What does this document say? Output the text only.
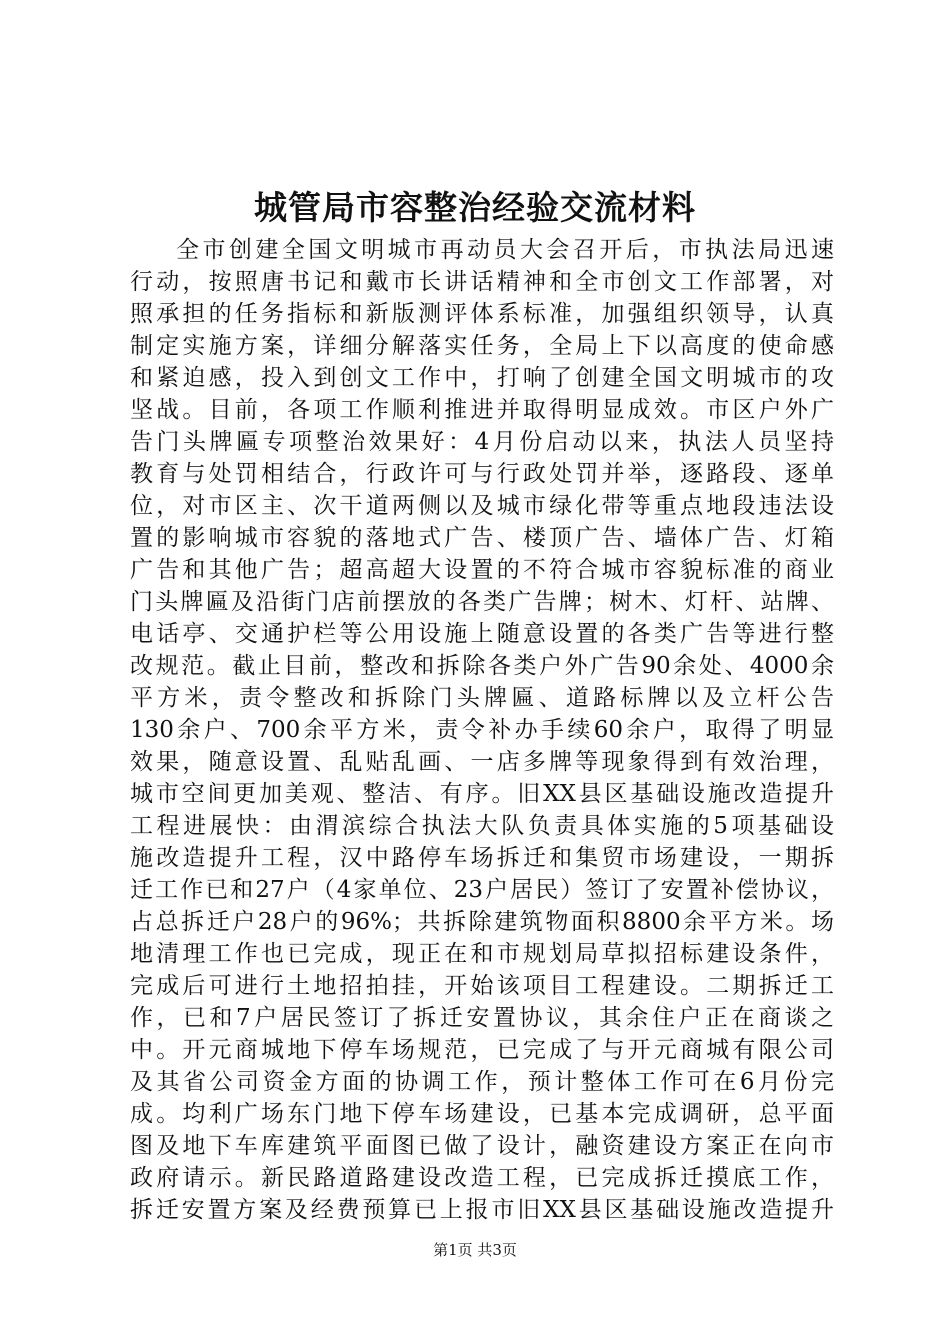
城管局市容整治经验交流材料
全市创建全国文明城市再动员大会召开后，市执法局迅速
行动，按照唐书记和戴市长讲话精神和全市创文工作部署，对
照承担的任务指标和新版测评体系标准，加强组织领导，认真
制定实施方案，详细分解落实任务，全局上下以高度的使命感
和紧迫感，投入到创文工作中，打响了创建全国文明城市的攻
坚战。目前，各项工作顺利推进并取得明显成效。市区户外广
告门头牌匾专项整治效果好：4月份启动以来，执法人员坚持
教育与处罚相结合，行政许可与行政处罚并举，逐路段、逐单
位，对市区主、次干道两侧以及城市绿化带等重点地段违法设
置的影响城市容貌的落地式广告、楼顶广告、墙体广告、灯箱
广告和其他广告；超高超大设置的不符合城市容貌标准的商业
门头牌匾及沿街门店前摆放的各类广告牌；树木、灯杆、站牌、
电话亭、交通护栏等公用设施上随意设置的各类广告等进行整
改规范。截止目前，整改和拆除各类户外广告90余处、4000余
平方米，责令整改和拆除门头牌匾、道路标牌以及立杆公告
130余户、700余平方米，责令补办手续60余户，取得了明显
效果，随意设置、乱贴乱画、一店多牌等现象得到有效治理，
城市空间更加美观、整洁、有序。旧XX县区基础设施改造提升
工程进展快：由渭滨综合执法大队负责具体实施的5项基础设
施改造提升工程，汉中路停车场拆迁和集贸市场建设，一期拆
迁工作已和27户（4家单位、23户居民）签订了安置补偿协议，
占总拆迁户28户的96%；共拆除建筑物面积8800余平方米。场
地清理工作也已完成，现正在和市规划局草拟招标建设条件，
完成后可进行土地招拍挂，开始该项目工程建设。二期拆迁工
作，已和7户居民签订了拆迁安置协议，其余住户正在商谈之
中。开元商城地下停车场规范，已完成了与开元商城有限公司
及其省公司资金方面的协调工作，预计整体工作可在6月份完
成。均利广场东门地下停车场建设，已基本完成调研，总平面
图及地下车库建筑平面图已做了设计，融资建设方案正在向市
政府请示。新民路道路建设改造工程，已完成拆迁摸底工作，
拆迁安置方案及经费预算已上报市旧XX县区基础设施改造提升
第1页 共3页
